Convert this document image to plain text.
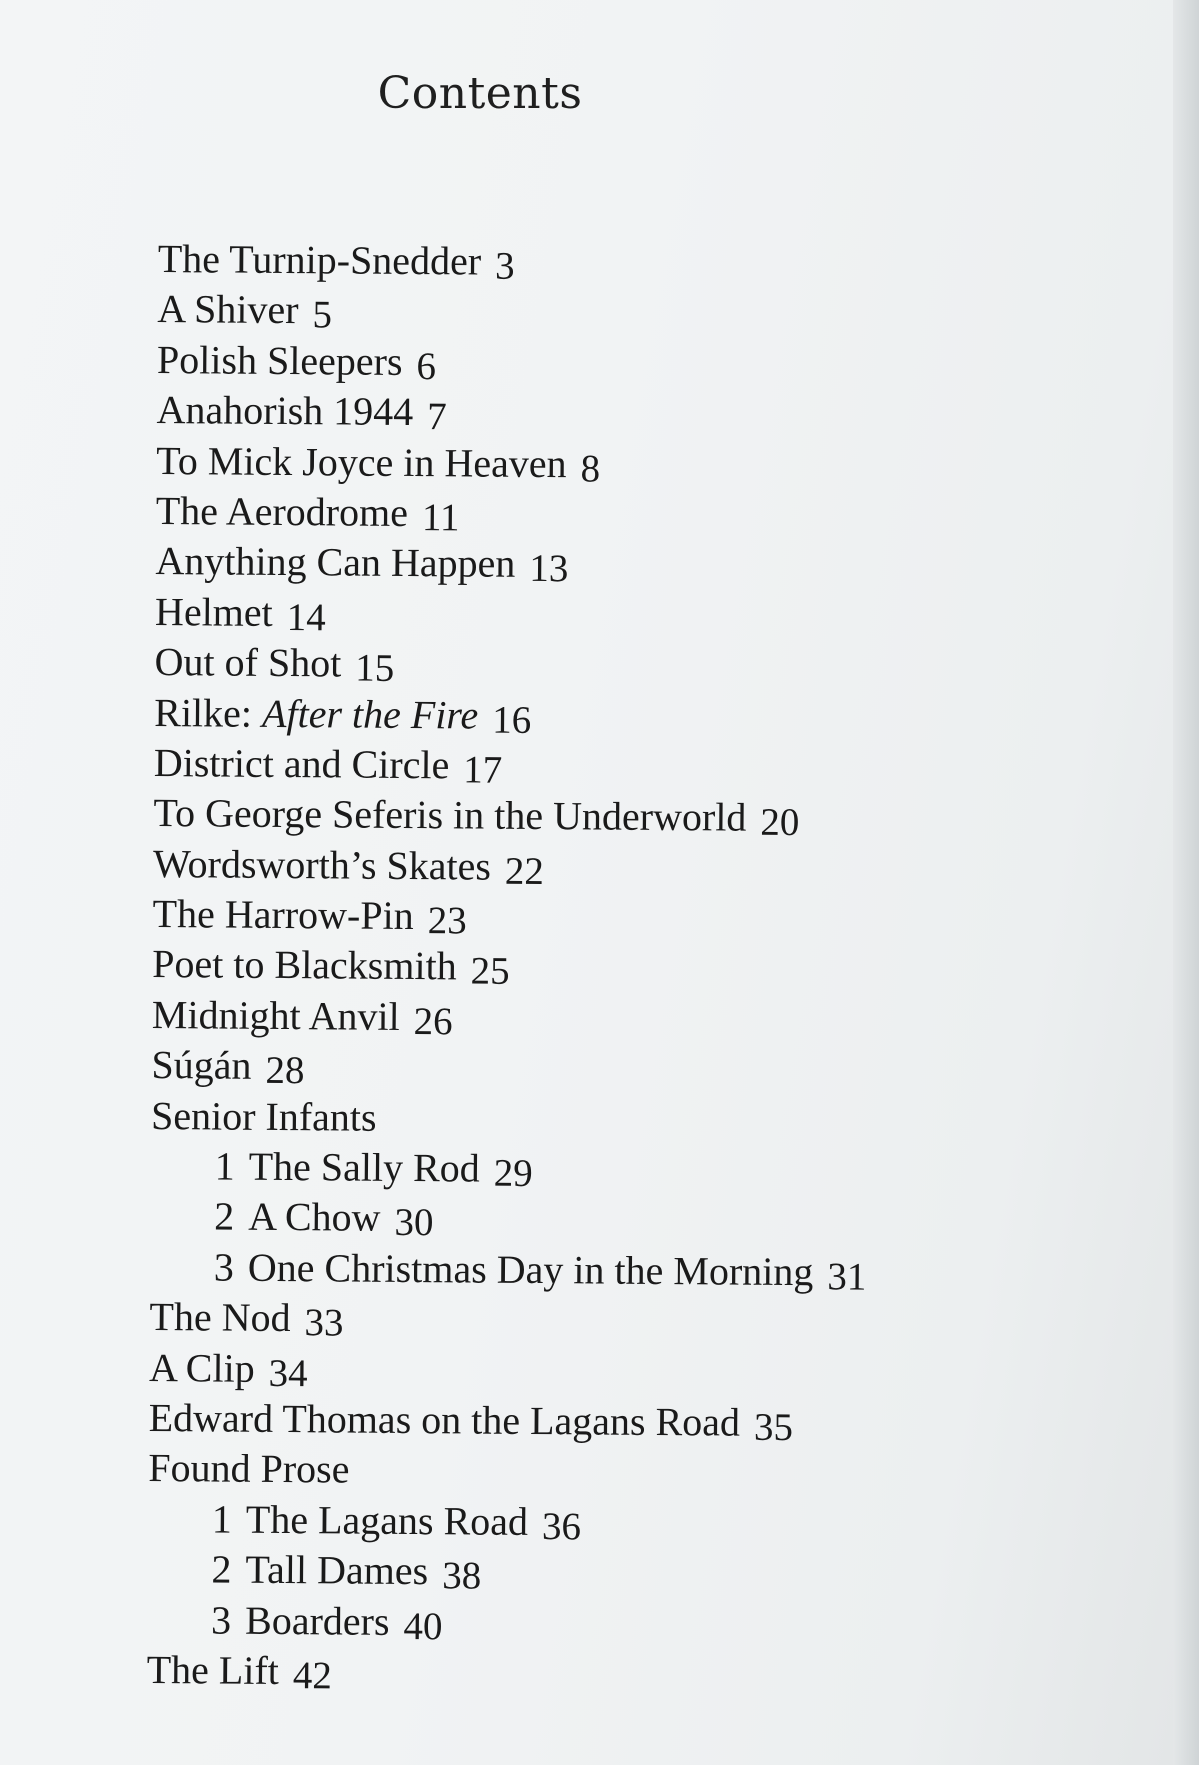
Contents
The Turnip-Snedder 3
A Shiver 5
Polish Sleepers 6
Anahorish 1944 7
To Mick Joyce in Heaven 8
The Aerodrome 11
Anything Can Happen 13
Helmet 14
Out of Shot 15
Rilke: After the Fire 16
District and Circle 17
To George Seferis in the Underworld 20
Wordsworth’s Skates 22
The Harrow-Pin 23
Poet to Blacksmith 25
Midnight Anvil 26
Súgán 28
Senior Infants
1 The Sally Rod 29
2 A Chow 30
3 One Christmas Day in the Morning 31
The Nod 33
A Clip 34
Edward Thomas on the Lagans Road 35
Found Prose
1 The Lagans Road 36
2 Tall Dames 38
3 Boarders 40
The Lift 42
